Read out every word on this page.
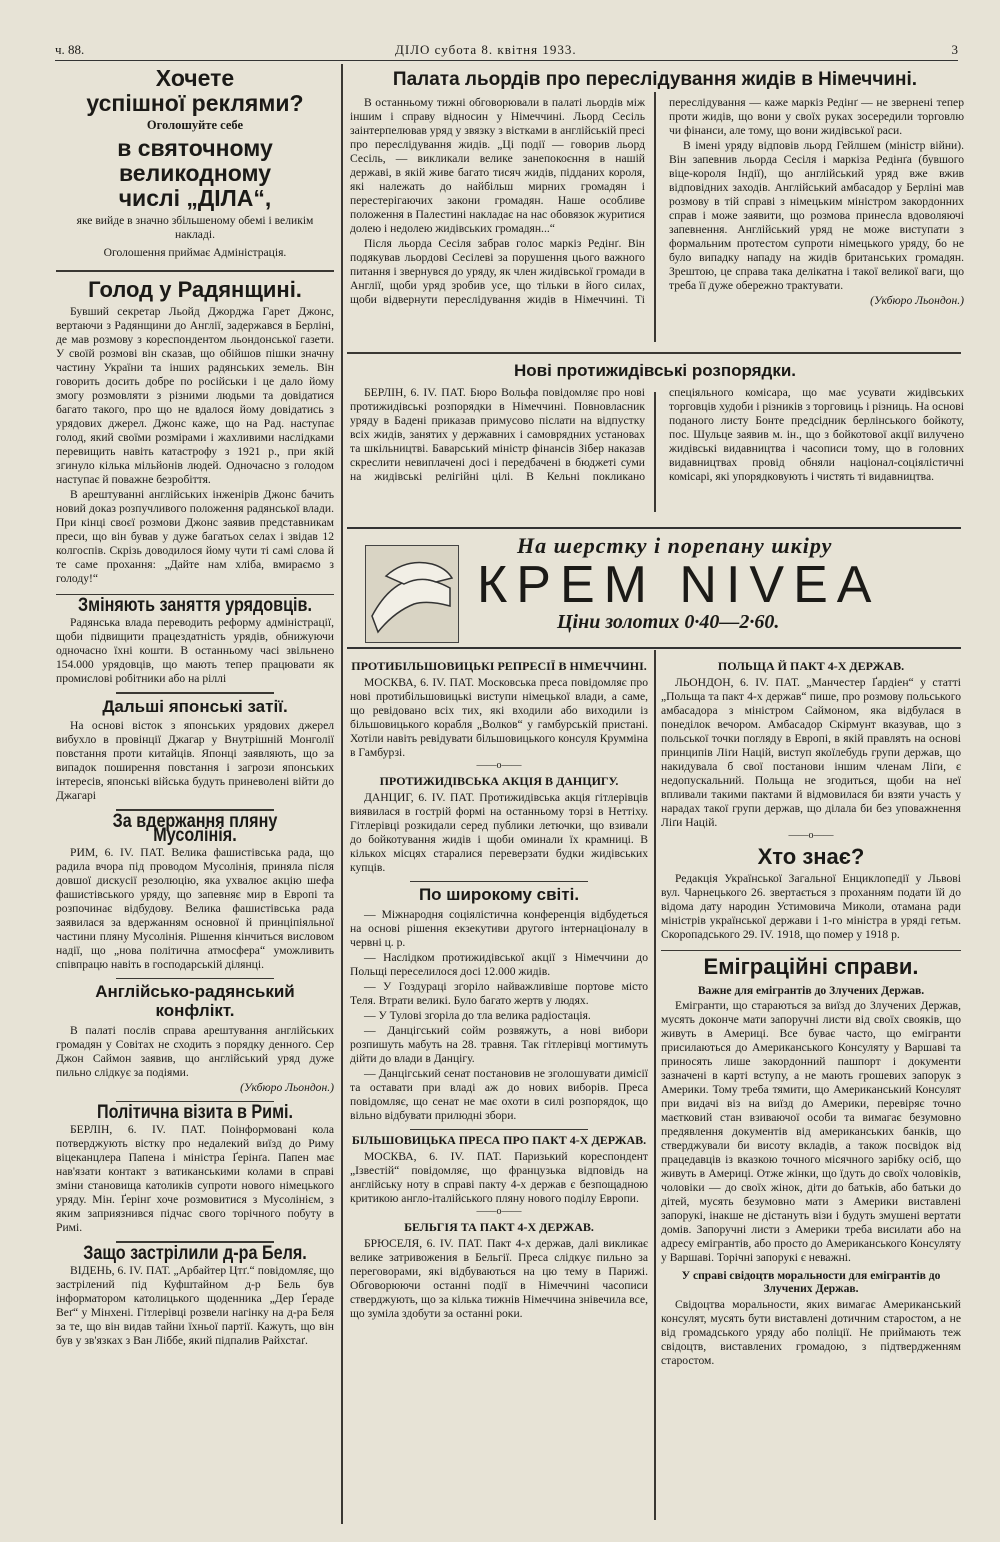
ч. 88.	ДІЛО субота 8. квітня 1933.	3
Хочете
успішної реклями?
Оголошуйте себе
в святочному
великодному
числі „ДІЛА“,
яке вийде в значно збільшеному обемі і великім накладі.
Оголошення приймає Адміністрація.
Голод у Радянщині.

Бувший секретар Льойд Джорджа Гарет Джонс, вертаючи з Радянщини до Англії, задержався в Берліні, де мав розмову з кореспондентом льондонської газети. У своїй розмові він сказав, що обійшов пішки значну частину України та інших радянських земель. Він говорить досить добре по російськи і це дало йому змогу розмовляти з різними людьми та довідатися багато такого, про що не вдалося йому довідатись з урядових джерел. Джонс каже, що на Рад. наступає голод, який своїми розмірами і жахливими наслідками перевищить навіть катастрофу з 1921 р., при якій згинуло кілька мільйонів людей. Одночасно з голодом наступає й поважне безробіття.

В арештуванні англійських інженірів Джонс бачить новий доказ розпучливого положення радянської влади. При кінці своєї розмови Джонс заявив представникам преси, що він бував у дуже багатьох селах і звідав 12 колгоспів. Скрізь доводилося йому чути ті самі слова й те саме прохання: „Дайте нам хліба, вмираємо з голоду!“

Зміняють заняття урядовців.

Радянська влада переводить реформу адміністрації, щоби підвищити працездатність урядів, обнижуючи одночасно їхні кошти. В останньому часі звільнено 154.000 урядовців, що мають тепер працювати як промислові робітники або на ріллі

Дальші японські затії.

На основі вісток з японських урядових джерел вибухло в провінції Джагар у Внутрішній Монголії повстання проти китайців. Японці заявляють, що за випадок поширення повстання і загрози японських інтересів, японські війська будуть приневолені війти до Джагарі

За вдержання пляну Мусолінія.

РИМ, 6. IV. ПАТ. Велика фашистівська рада, що радила вчора під проводом Мусолінія, приняла після довшої дискусії резолюцію, яка ухвалює акцію шефа фашистівського уряду, що запевняє мир в Европі та розпочинає відбудову. Велика фашистівська рада заявилася за вдержанням основної й принціпіяльної частини пляну Мусолінія. Рішення кінчиться висловом надії, що „нова політична атмосфера“ уможливить співпрацю навіть в господарській ділянці.

Англійсько-радянський конфлікт.

В палаті послів справа арештування англійських громадян у Совітах не сходить з порядку денного. Сер Джон Саймон заявив, що англійський уряд дуже пильно слідкує за подіями.

(Укбюро Льондон.)

Політична візита в Римі.

БЕРЛІН, 6. IV. ПАТ. Поінформовані кола потверджують вістку про недалекий виїзд до Риму віцеканцлера Папена і міністра Ґерінґа. Папен має нав'язати контакт з ватиканськими колами в справі зміни становища католиків супроти нового німецького уряду. Мін. Ґерінґ хоче розмовитися з Мусолінієм, з яким заприязнився підчас свого торічного побуту в Римі.

Защо застрілили д-ра Беля.

ВІДЕНЬ, 6. IV. ПАТ. „Арбайтер Цтґ.“ повідомляє, що застрілений під Куфштайном д-р Бель був інформатором католицького щоденника „Дер Ґераде Веґ“ у Мінхені. Гітлерівці розвели нагінку на д-ра Беля за те, що він видав тайни їхньої партії. Кажуть, що він був у зв'язках з Ван Ліббе, який підпалив Райхстаґ.

Палата льордів про переслідування жидів в Німеччині.

В останньому тижні обговорювали в палаті льордів між іншим і справу відносин у Німеччині. Льорд Сесіль заінтерпелював уряд у звязку з вістками в англійській пресі про переслідування жидів. „Ці події — говорив льорд Сесіль, — викликали велике занепокоєння в нашій державі, в якій живе багато тисяч жидів, підданих короля, які належать до найбільш мирних громадян і перестерігаючих закони громадян. Наше особливе положення в Палестині накладає на нас обовязок журитися долею і недолею жидівських громадян...“

Після льорда Сесіля забрав голос маркіз Редінґ. Він подякував льордові Сесілеві за порушення цього важного питання і звернувся до уряду, як член жидівської громади в Англії, щоби уряд зробив усе, що тільки в його силах, щоби відвернути переслідування жидів в Німеччині. Ті переслідування — каже маркіз Редінґ — не звернені тепер проти жидів, що вони у своїх руках зосередили торговлю чи фінанси, але тому, що вони жидівської раси.

В імені уряду відповів льорд Гейлшем (міністр війни). Він запевнив льорда Сесіля і маркіза Редінґа (бувшого віце-короля Індії), що англійський уряд вже вжив відповідних заходів. Англійський амбасадор у Берліні мав розмову в тій справі з німецьким міністром закордонних справ і може заявити, що розмова принесла вдоволяючі запевнення. Англійський уряд не може виступати з формальним протестом супроти німецького уряду, бо не було випадку нападу на жидів британських громадян. Зрештою, це справа така делікатна і такої великої ваги, що треба її дуже обережно трактувати.

(Укбюро Льондон.)

Нові протижидівські розпорядки.

БЕРЛІН, 6. IV. ПАТ. Бюро Вольфа повідомляє про нові протижидівські розпорядки в Німеччині. Повновласник уряду в Бадені приказав примусово післати на відпустку всіх жидів, занятих у державних і самоврядних установах та шкільництві. Баварський міністр фінансів Зібер наказав скреслити невиплачені досі і передбачені в бюджеті суми на жидівські релігійні цілі. В Кельні покликано спеціяльного комісара, що має усувати жидівських торговців худоби і різників з торговиць і різниць. На основі поданого листу Бонте предсідник берлінського бойкоту, пос. Шульце заявив м. ін., що з бойкотової акції вилучено жидівські видавництва і часописи тому, що в головних видавництвах провід обняли націонал-соціялістичні комісарі, які упорядковують і чистять ті видавництва.

На шерстку і порепану шкіру
КРЕМ NIVEA
Ціни золотих 0·40—2·60.
ПРОТИБІЛЬШОВИЦЬКІ РЕПРЕСІЇ В НІМЕЧЧИНІ.

МОСКВА, 6. IV. ПАТ. Московська преса повідомляє про нові протибільшовицькі виступи німецької влади, а саме, що ревідовано всіх тих, які входили або виходили із більшовицького корабля „Волков“ у гамбурській пристані. Хотіли навіть ревідувати більшовицького консуля Крумміна в Гамбурзі.

——o——
ПРОТИЖИДІВСЬКА АКЦІЯ В ДАНЦИГУ.

ДАНЦИГ, 6. IV. ПАТ. Протижидівська акція гітлерівців виявилася в гострій формі на останньому торзі в Неттіху. Гітлерівці розкидали серед публики летючки, що взивали до бойкотування жидів і щоби оминали їх крамниці. В кількох місцях старалися переверзати будки жидівських купців.

По широкому світі.

— Міжнародня соціялістична конференція відбудеться на основі рішення екзекутиви другого інтернаціоналу в червні ц. р.

— Наслідком протижидівської акції з Німеччини до Польщі переселилося досі 12.000 жидів.

— У Гоздураці згоріло найважливіше портове місто Теля. Втрати великі. Було багато жертв у людях.

— У Тулові згоріла до тла велика радіостація.

— Данцігський сойм розвяжуть, а нові вибори розпишуть мабуть на 28. травня. Так гітлерівці могтимуть дійти до влади в Данцігу.

— Данцігський сенат постановив не зголошувати димісії та оставати при владі аж до нових виборів. Преса повідомляє, що сенат не має охоти в силі розпорядок, що вільно відбувати прилюдні збори.

БІЛЬШОВИЦЬКА ПРЕСА ПРО ПАКТ 4-Х ДЕРЖАВ.

МОСКВА, 6. IV. ПАТ. Паризький кореспондент „Ізвестій“ повідомляє, що французька відповідь на англійську ноту в справі пакту 4-х держав є безпощадною критикою англо-італійського пляну нового поділу Европи.

——o——
БЕЛЬГІЯ ТА ПАКТ 4-Х ДЕРЖАВ.

БРЮСЕЛЯ, 6. IV. ПАТ. Пакт 4-х держав, далі викликає велике затривожения в Бельгії. Преса слідкує пильно за переговорами, які відбуваються на цю тему в Парижі. Обговорюючи останні події в Німеччині часописи стверджують, що за кілька тижнів Німеччина знівечила все, що зуміла здобути за останні роки.

ПОЛЬЩА Й ПАКТ 4-Х ДЕРЖАВ.

ЛЬОНДОН, 6. IV. ПАТ. „Манчестер Ґардіен“ у статті „Польща та пакт 4-х держав“ пише, про розмову польського амбасадора з міністром Саймоном, яка відбулася в понеділок вечором. Амбасадор Скірмунт вказував, що з польської точки погляду в Европі, в якій правлять на основі принципів Ліґи Націй, виступ якоїлебудь групи держав, що накидувала б свої постанови іншим членам Ліґи, є недопускальний. Польща не згодиться, щоби на неї впливали такими пактами й відмовилася би взяти участь у нарадах такої групи держав, що ділала би без уповажнення Ліґи Націй.

——o——
Хто знає?

Редакція Української Загальної Енциклопедії у Львові вул. Чарнецького 26. звертається з проханням подати їй до відома дату народин Устимовича Миколи, отамана ради міністрів української держави і 1-го міністра в уряді гетьм. Скоропадського 29. IV. 1918, що помер у 1918 р.

Еміграційні справи.
Важне для емігрантів до Злучених Держав.

Емігранти, що стараються за виїзд до Злучених Держав, мусять доконче мати запоручні листи від своїх свояків, що живуть в Америці. Все буває часто, що емігранти присилаються до Американського Консуляту у Варшаві та приносять лише закордонний пашпорт і документи зазначені в карті вступу, а не мають грошевих запорук з Америки. Тому треба тямити, що Американський Консулят при видачі віз на виїзд до Америки, перевіряє точно маєтковий стан взиваючої особи та вимагає безумовно предявлення документів від американських банків, що стверджували би висоту вкладів, а також посвідок від працедавців із вказкою точного місячного зарібку осіб, що живуть в Америці. Отже жінки, що їдуть до своїх чоловіків, чоловіки — до своїх жінок, діти до батьків, або батьки до дітей, мусять безумовно мати з Америки виставлені запорукі, інакше не дістануть візи і будуть змушені вертати домів. Запоручні листи з Америки треба висилати або на адресу емігрантів, або просто до Американського Консуляту у Варшаві. Торічні запорукі є неважні.

У справі свідоцтв моральности для емігрантів до Злучених Держав.

Свідоцтва моральности, яких вимагає Американський консулят, мусять бути виставлені дотичним старостом, а не від громадського уряду або поліції. Не приймають теж свідоцтв, виставлених громадою, з підтвердженням старостом.
